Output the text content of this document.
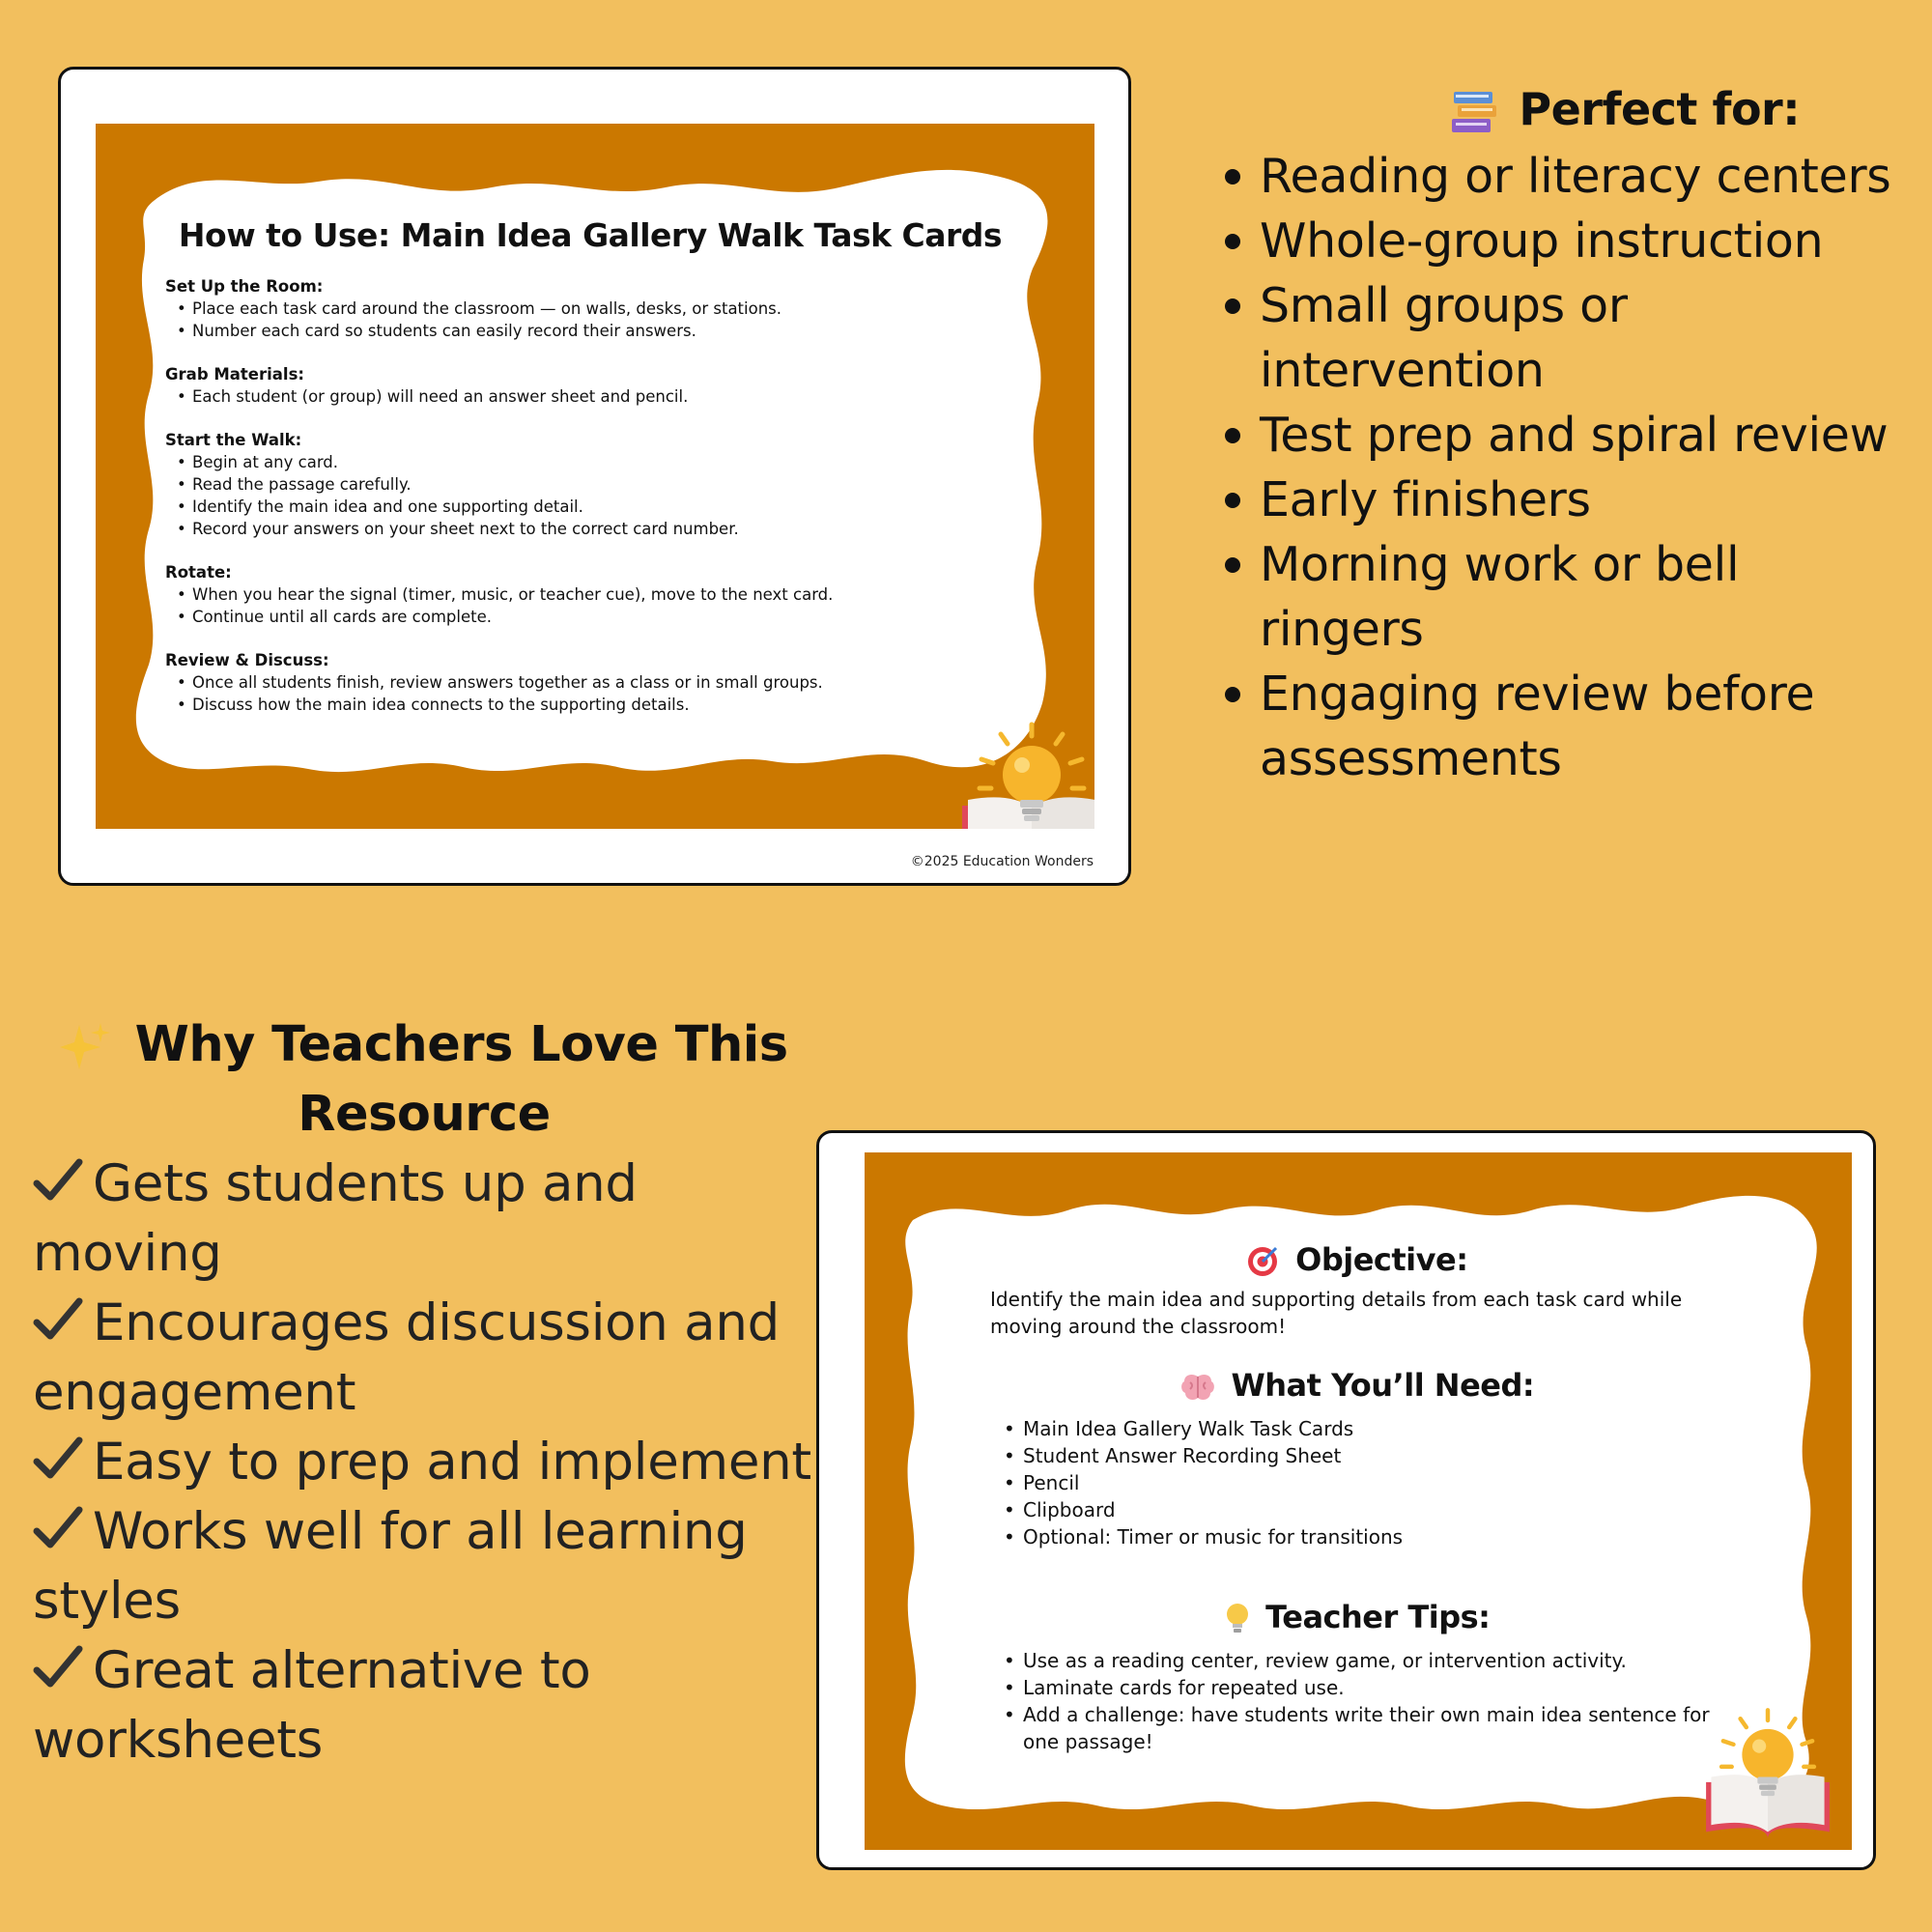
How to Use: Main Idea Gallery Walk Task Cards
Set Up the Room:
• Place each task card around the classroom — on walls, desks, or stations.
• Number each card so students can easily record their answers.
Grab Materials:
• Each student (or group) will need an answer sheet and pencil.
Start the Walk:
• Begin at any card.
• Read the passage carefully.
• Identify the main idea and one supporting detail.
• Record your answers on your sheet next to the correct card number.
Rotate:
• When you hear the signal (timer, music, or teacher cue), move to the next card.
• Continue until all cards are complete.
Review & Discuss:
• Once all students finish, review answers together as a class or in small groups.
• Discuss how the main idea connects to the supporting details.
©2025 Education Wonders
Perfect for:
Reading or literacy centers
Whole-group instruction
Small groups or intervention
Test prep and spiral review
Early finishers
Morning work or bell ringers
Engaging review before assessments
Why Teachers Love This Resource
Gets students up and moving
Encourages discussion and engagement
Easy to prep and implement
Works well for all learning styles
Great alternative to worksheets
Objective:

Identify the main idea and supporting details from each task card while moving around the classroom!

What You’ll Need:
• Main Idea Gallery Walk Task Cards
• Student Answer Recording Sheet
• Pencil
• Clipboard
• Optional: Timer or music for transitions
Teacher Tips:
• Use as a reading center, review game, or intervention activity.
• Laminate cards for repeated use.
• Add a challenge: have students write their own main idea sentence for one passage!
